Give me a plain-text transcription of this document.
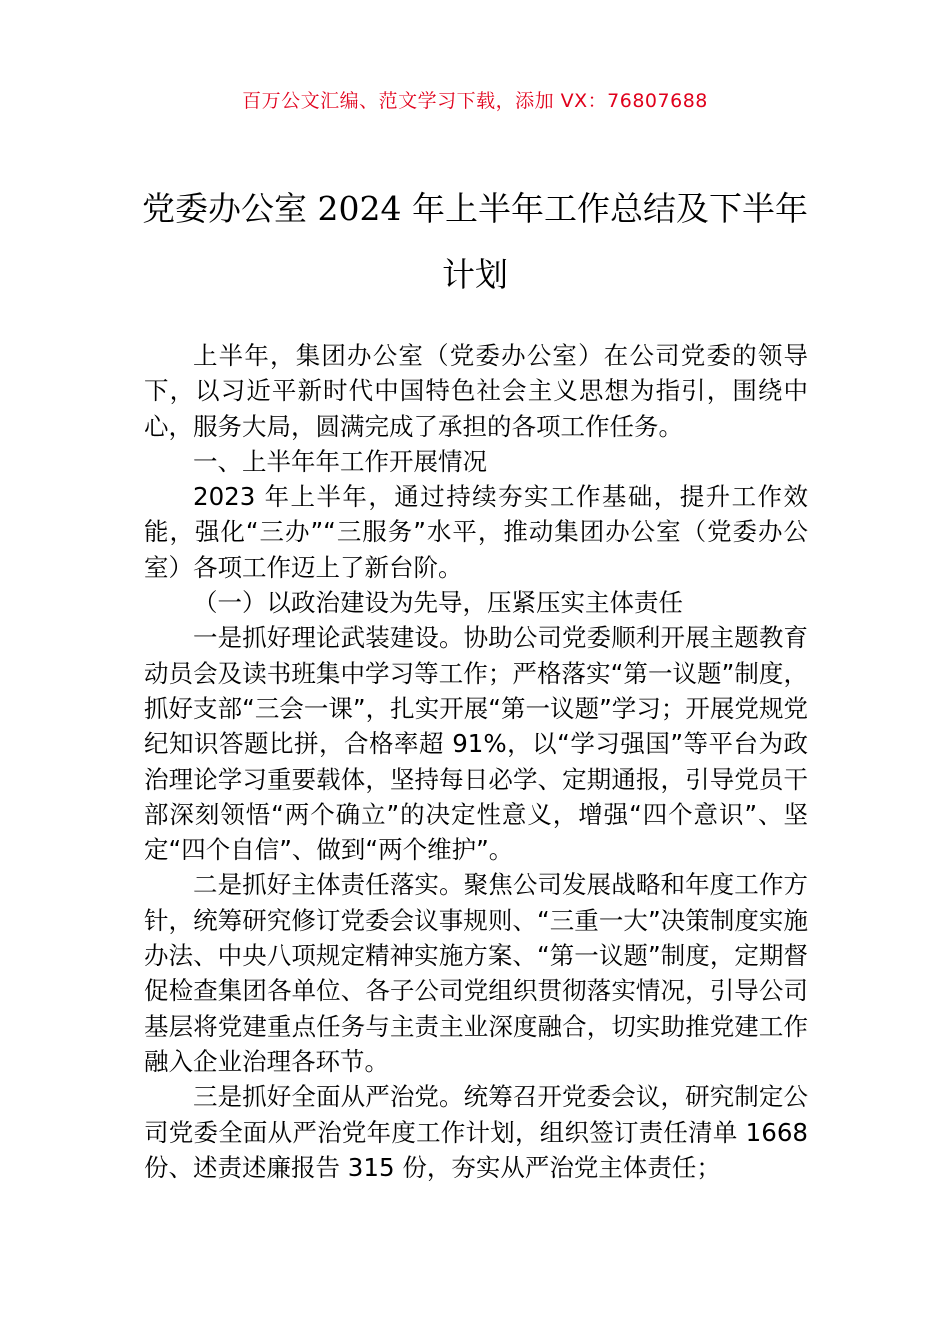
百万公文汇编、范文学习下载，添加 VX：76807688
党委办公室 2024 年上半年工作总结及下半年计划

上半年，集团办公室（党委办公室）在公司党委的领导下，以习近平新时代中国特色社会主义思想为指引，围绕中心，服务大局，圆满完成了承担的各项工作任务。

一、上半年年工作开展情况

2023 年上半年，通过持续夯实工作基础，提升工作效能，强化“三办”“三服务”水平，推动集团办公室（党委办公室）各项工作迈上了新台阶。

（一）以政治建设为先导，压紧压实主体责任

一是抓好理论武装建设。协助公司党委顺利开展主题教育动员会及读书班集中学习等工作；严格落实“第一议题”制度，抓好支部“三会一课”，扎实开展“第一议题”学习；开展党规党纪知识答题比拼，合格率超 91%，以“学习强国”等平台为政治理论学习重要载体，坚持每日必学、定期通报，引导党员干部深刻领悟“两个确立”的决定性意义，增强“四个意识”、坚定“四个自信”、做到“两个维护”。

二是抓好主体责任落实。聚焦公司发展战略和年度工作方针，统筹研究修订党委会议事规则、“三重一大”决策制度实施办法、中央八项规定精神实施方案、“第一议题”制度，定期督促检查集团各单位、各子公司党组织贯彻落实情况，引导公司基层将党建重点任务与主责主业深度融合，切实助推党建工作融入企业治理各环节。

三是抓好全面从严治党。统筹召开党委会议，研究制定公司党委全面从严治党年度工作计划，组织签订责任清单 1668 份、述责述廉报告 315 份，夯实从严治党主体责任；
